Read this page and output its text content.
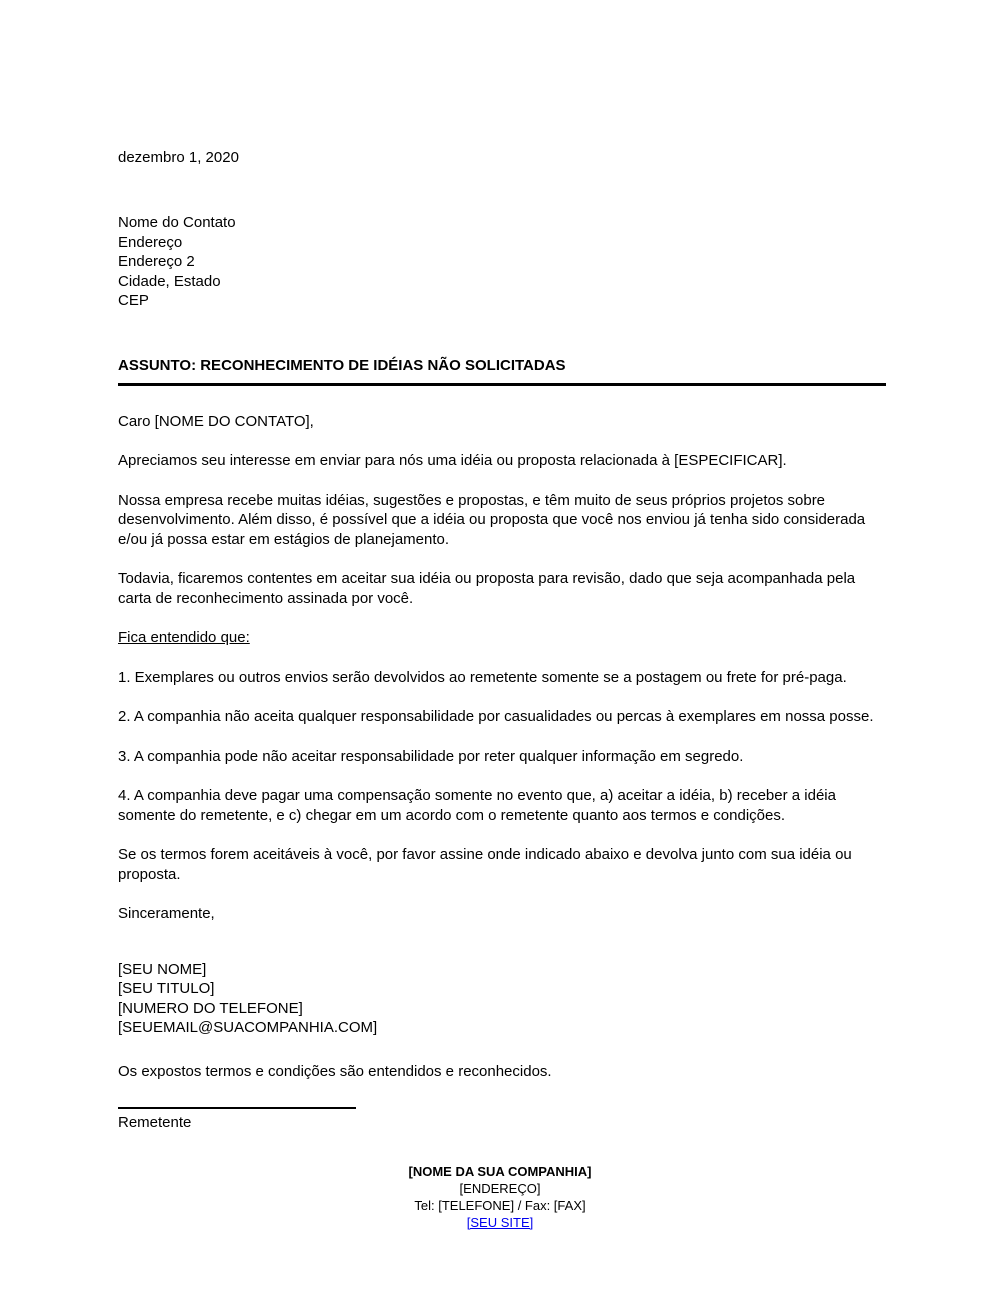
dezembro 1, 2020
Nome do Contato
Endereço
Endereço 2
Cidade, Estado
CEP
ASSUNTO: RECONHECIMENTO DE IDÉIAS NÃO SOLICITADAS

Caro [NOME DO CONTATO],

Apreciamos seu interesse em enviar para nós uma idéia ou proposta relacionada à [ESPECIFICAR].

Nossa empresa recebe muitas idéias, sugestões e propostas, e têm muito de seus próprios projetos sobre desenvolvimento. Além disso, é possível que a idéia ou proposta que você nos enviou já tenha sido considerada e/ou já possa estar em estágios de planejamento.

Todavia, ficaremos contentes em aceitar sua idéia ou proposta para revisão, dado que seja acompanhada pela carta de reconhecimento assinada por você.

Fica entendido que:

1. Exemplares ou outros envios serão devolvidos ao remetente somente se a postagem ou frete for pré-paga.

2. A companhia não aceita qualquer responsabilidade por casualidades ou percas à exemplares em nossa posse.

3. A companhia pode não aceitar responsabilidade por reter qualquer informação em segredo.

4. A companhia deve pagar uma compensação somente no evento que, a) aceitar a idéia, b) receber a idéia somente do remetente, e c) chegar em um acordo com o remetente quanto aos termos e condições.

Se os termos forem aceitáveis à você, por favor assine onde indicado abaixo e devolva junto com sua idéia ou proposta.

Sinceramente,

[SEU NOME]
[SEU TITULO]
[NUMERO DO TELEFONE]
[SEUEMAIL@SUACOMPANHIA.COM]

Os expostos termos e condições são entendidos e reconhecidos.

Remetente
[NOME DA SUA COMPANHIA]
[ENDEREÇO]
Tel: [TELEFONE] / Fax: [FAX]
[SEU SITE]
